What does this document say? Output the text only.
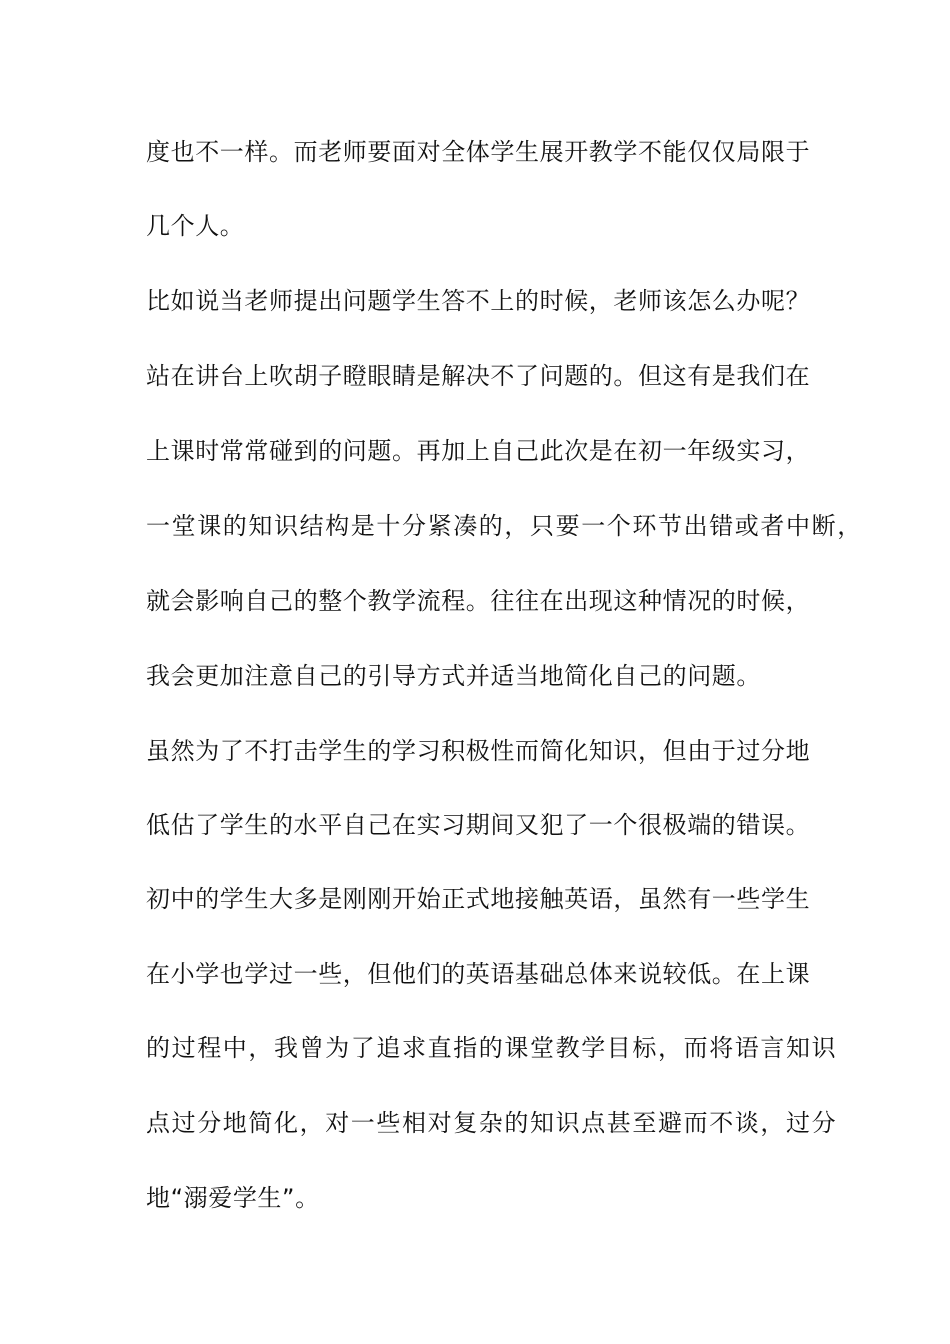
度也不一样。而老师要面对全体学生展开教学不能仅仅局限于
几个人。
比如说当老师提出问题学生答不上的时候，老师该怎么办呢？
站在讲台上吹胡子瞪眼睛是解决不了问题的。但这有是我们在
上课时常常碰到的问题。再加上自己此次是在初一年级实习，
一堂课的知识结构是十分紧凑的，只要一个环节出错或者中断，
就会影响自己的整个教学流程。往往在出现这种情况的时候，
我会更加注意自己的引导方式并适当地简化自己的问题。
虽然为了不打击学生的学习积极性而简化知识，但由于过分地
低估了学生的水平自己在实习期间又犯了一个很极端的错误。
初中的学生大多是刚刚开始正式地接触英语，虽然有一些学生
在小学也学过一些，但他们的英语基础总体来说较低。在上课
的过程中，我曾为了追求直指的课堂教学目标，而将语言知识
点过分地简化，对一些相对复杂的知识点甚至避而不谈，过分
地“溺爱学生”。
